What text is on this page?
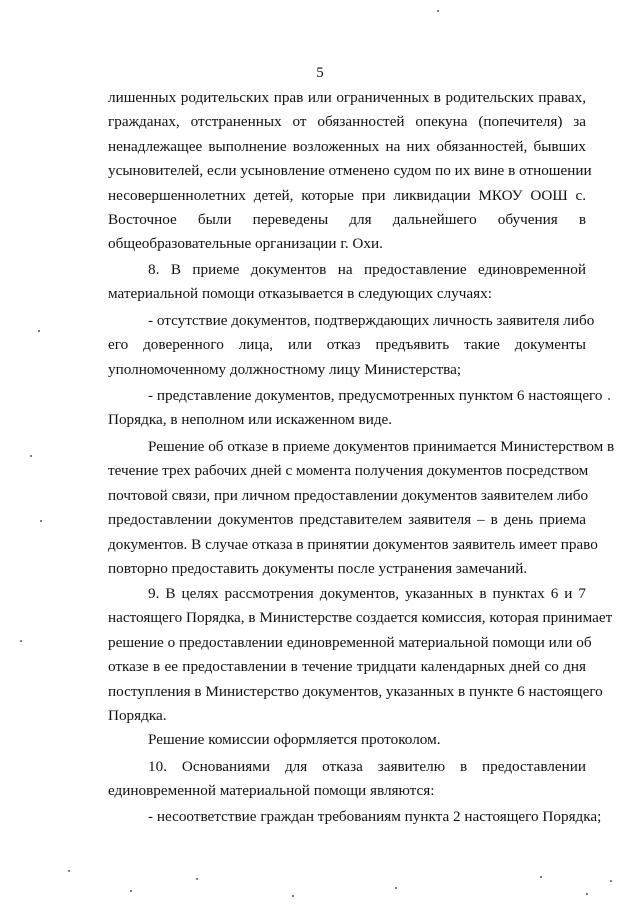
5

лишенных родительских прав или ограниченных в родительских правах,
гражданах, отстраненных от обязанностей опекуна (попечителя) за
ненадлежащее выполнение возложенных на них обязанностей, бывших
усыновителей, если усыновление отменено судом по их вине в отношении
несовершеннолетних детей, которые при ликвидации МКОУ ООШ с.
Восточное были переведены для дальнейшего обучения в
общеобразовательные организации г. Охи.

8. В приеме документов на предоставление единовременной
материальной помощи отказывается в следующих случаях:

- отсутствие документов, подтверждающих личность заявителя либо
его доверенного лица, или отказ предъявить такие документы
уполномоченному должностному лицу Министерства;

- представление документов, предусмотренных пунктом 6 настоящего
Порядка, в неполном или искаженном виде.

Решение об отказе в приеме документов принимается Министерством в
течение трех рабочих дней с момента получения документов посредством
почтовой связи, при личном предоставлении документов заявителем либо
предоставлении документов представителем заявителя – в день приема
документов. В случае отказа в принятии документов заявитель имеет право
повторно предоставить документы после устранения замечаний.

9. В целях рассмотрения документов, указанных в пунктах 6 и 7
настоящего Порядка, в Министерстве создается комиссия, которая принимает
решение о предоставлении единовременной материальной помощи или об
отказе в ее предоставлении в течение тридцати календарных дней со дня
поступления в Министерство документов, указанных в пункте 6 настоящего
Порядка.

Решение комиссии оформляется протоколом.

10. Основаниями для отказа заявителю в предоставлении
единовременной материальной помощи являются:

- несоответствие граждан требованиям пункта 2 настоящего Порядка;
